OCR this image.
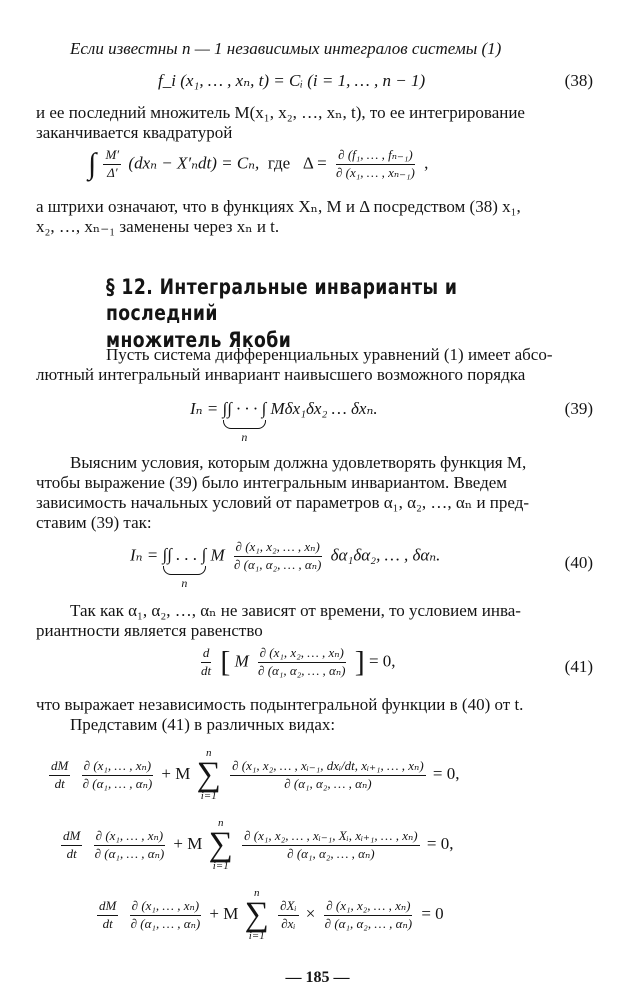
Если известны n — 1 независимых интегралов системы (1)
f_i (x₁, … , xₙ, t) = Cᵢ (i = 1, … , n − 1)	(38)
и ее последний множитель M(x₁, x₂, …, xₙ, t), то ее интегрирование
заканчивается квадратурой
∫ $\frac{M'}{\Delta'} (dx_n - X'_ndt) = C_n$, где $\Delta = \frac{\text{∂ (f₁, … , fₙ₋₁)}}{\text{∂ (x₁, … , xₙ₋₁)}}$ ,
а штрихи означают, что в функциях Xₙ, M и Δ посредством (38) x₁,
x₂, …, xₙ₋₁ заменены через xₙ и t.
§ 12. Интегральные инварианты и последний
множитель Якоби
Пусть система дифференциальных уравнений (1) имеет абсо-
лютный интегральный инвариант наивысшего возможного порядка
Iₙ = ∫∫ · · · ∫
n
Mδx₁δx₂ … δxₙ.	(39)
Выясним условия, которым должна удовлетворять функция M,
чтобы выражение (39) было интегральным инвариантом. Введем
зависимость начальных условий от параметров α₁, α₂, …, αₙ и пред-
ставим (39) так:
Iₙ = ∫∫ . . . ∫
n
M $\frac{\text{∂ (x₁, x₂, … , xₙ)}}{\text{∂ (α₁, α₂, … , αₙ)}} \delta\alpha_1\delta\alpha_2$, … , δαₙ.	(40)
Так как α₁, α₂, …, αₙ не зависят от времени, то условием инва-
риантности является равенство
$\frac{d}{dt}$ [ M $\frac{\text{∂ (x₁, x₂, … , xₙ)}}{\text{∂ (α₁, α₂, … , αₙ)}}$ ] = 0,	(41)
что выражает независимость подынтегральной функции в (40) от t.
Представим (41) в различных видах:
$\frac{dM}{dt}$
$\frac{\text{∂ (x₁, … , xₙ)}}{\text{∂ (α₁, … , αₙ)}} + M$
n
∑
i=1

$\frac{\text{∂ (x₁, x₂, … , xᵢ₋₁, dxᵢ/dt, xᵢ₊₁, … , xₙ)}}{\text{∂ (α₁, α₂, … , αₙ)}} = 0$,
$\frac{dM}{dt}$
$\frac{\text{∂ (x₁, … , xₙ)}}{\text{∂ (α₁, … , αₙ)}} + M$
n
∑
i=1

$\frac{\text{∂ (x₁, x₂, … , xᵢ₋₁, Xᵢ, xᵢ₊₁, … , xₙ)}}{\text{∂ (α₁, α₂, … , αₙ)}} = 0$,
$\frac{dM}{dt}$
$\frac{\text{∂ (x₁, … , xₙ)}}{\text{∂ (α₁, … , αₙ)}} + M$
n
∑
i=1

$\frac{\text{∂Xᵢ}}{\text{∂xᵢ}} \times \frac{\text{∂ (x₁, x₂, … , xₙ)}}{\text{∂ (α₁, α₂, … , αₙ)}} = 0$
— 185 —
